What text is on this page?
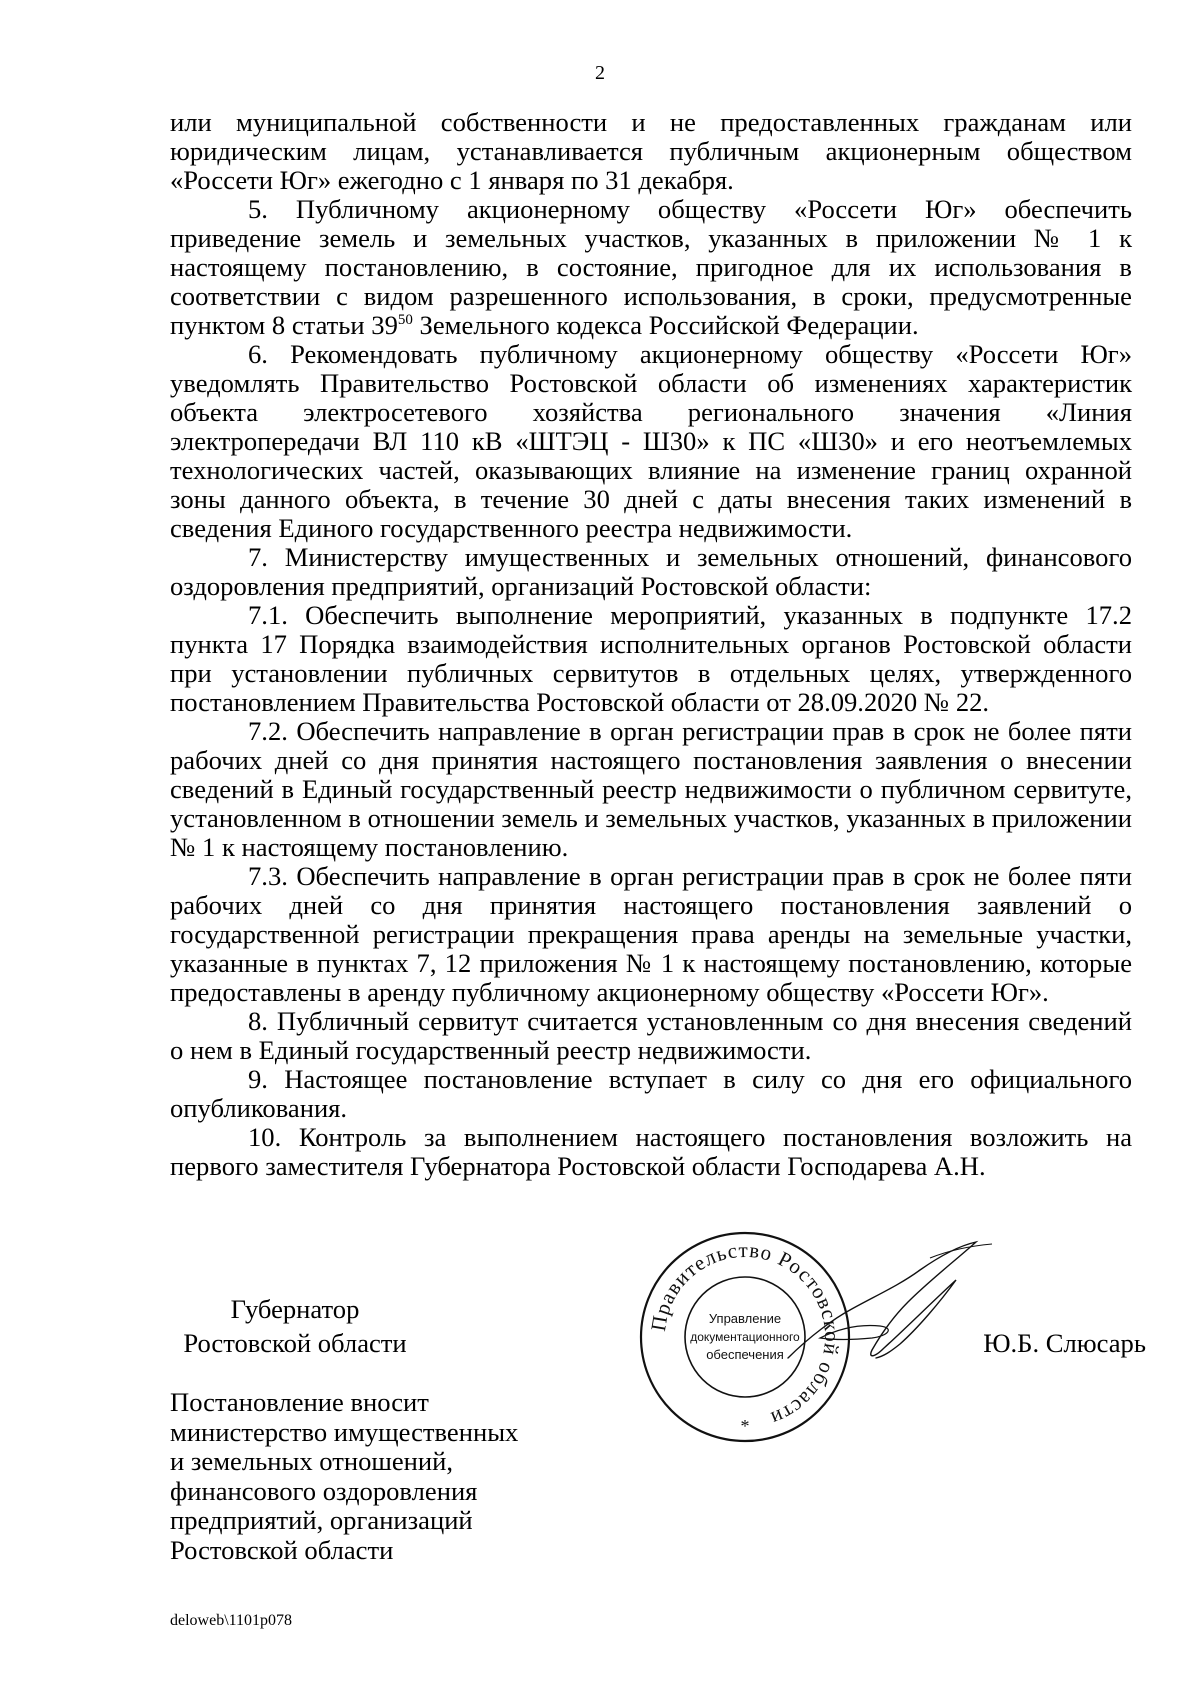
2

или муниципальной собственности и не предоставленных гражданам или юридическим лицам, устанавливается публичным акционерным обществом «Россети Юг» ежегодно с 1 января по 31 декабря.

5. Публичному акционерному обществу «Россети Юг» обеспечить приведение земель и земельных участков, указанных в приложении № 1 к настоящему постановлению, в состояние, пригодное для их использования в соответствии с видом разрешенного использования, в сроки, предусмотренные пунктом 8 статьи $39^{50}$ Земельного кодекса Российской Федерации.

6. Рекомендовать публичному акционерному обществу «Россети Юг» уведомлять Правительство Ростовской области об изменениях характеристик объекта электросетевого хозяйства регионального значения «Линия электропередачи ВЛ 110 кВ «ШТЭЦ - Ш30» к ПС «Ш30» и его неотъемлемых технологических частей, оказывающих влияние на изменение границ охранной зоны данного объекта, в течение 30 дней с даты внесения таких изменений в сведения Единого государственного реестра недвижимости.

7. Министерству имущественных и земельных отношений, финансового оздоровления предприятий, организаций Ростовской области:

7.1. Обеспечить выполнение мероприятий, указанных в подпункте 17.2 пункта 17 Порядка взаимодействия исполнительных органов Ростовской области при установлении публичных сервитутов в отдельных целях, утвержденного постановлением Правительства Ростовской области от 28.09.2020 № 22.

7.2. Обеспечить направление в орган регистрации прав в срок не более пяти рабочих дней со дня принятия настоящего постановления заявления о внесении сведений в Единый государственный реестр недвижимости о публичном сервитуте, установленном в отношении земель и земельных участков, указанных в приложении № 1 к настоящему постановлению.

7.3. Обеспечить направление в орган регистрации прав в срок не более пяти рабочих дней со дня принятия настоящего постановления заявлений о государственной регистрации прекращения права аренды на земельные участки, указанные в пунктах 7, 12 приложения № 1 к настоящему постановлению, которые предоставлены в аренду публичному акционерному обществу «Россети Юг».

8. Публичный сервитут считается установленным со дня внесения сведений о нем в Единый государственный реестр недвижимости.

9. Настоящее постановление вступает в силу со дня его официального опубликования.

10. Контроль за выполнением настоящего постановления возложить на первого заместителя Губернатора Ростовской области Господарева А.Н.

Губернатор
Ростовской области
Правительство Ростовской области
Управление
документационного
обеспечения
*
Ю.Б. Слюсарь
Постановление вносит
министерство имущественных
и земельных отношений,
финансового оздоровления
предприятий, организаций
Ростовской области
deloweb\1101p078
